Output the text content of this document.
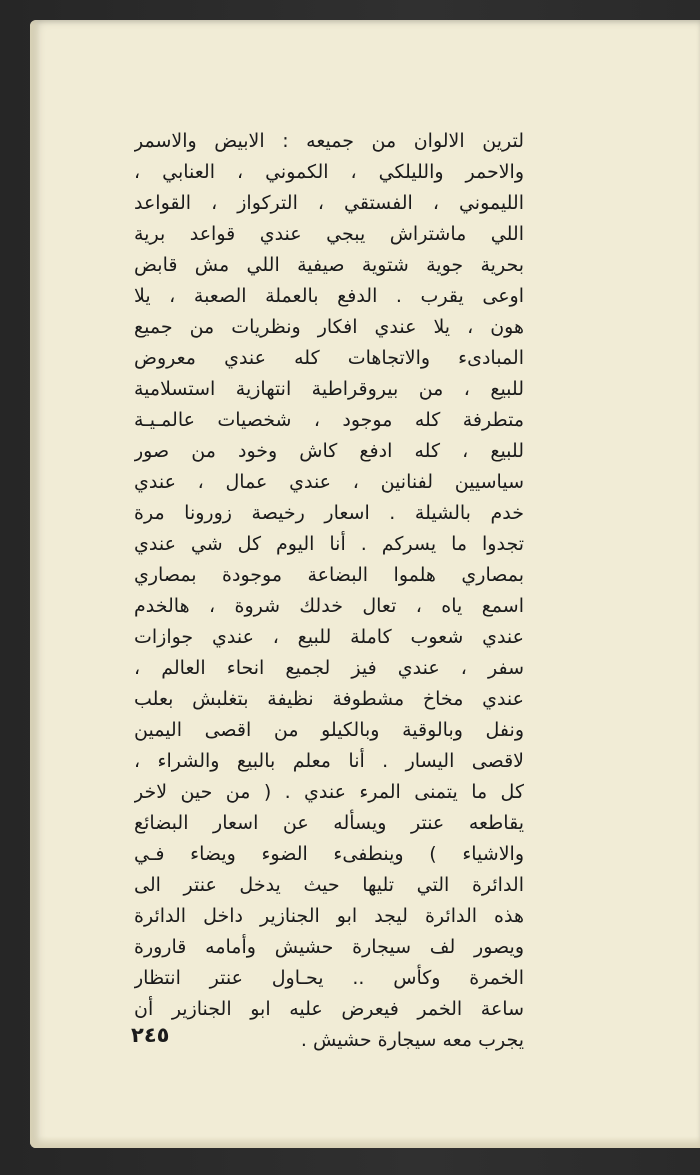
لترين الالوان من جميعه : الابيض والاسمر
والاحمر والليلكي ، الكموني ، العنابي ،
الليموني ، الفستقي ، التركواز ، القواعد
اللي ماشتراش يبجي عندي قواعد برية
بحرية جوية شتوية صيفية اللي مش قابض
اوعى يقرب . الدفع بالعملة الصعبة ، يلا
هون ، يلا عندي افكار ونظريات من جميع
المبادىء والاتجاهات كله عندي معروض
للبيع ، من بيروقراطية انتهازية استسلامية
متطرفة كله موجود ، شخصيات عالمـيـة
للبيع ، كله ادفع كاش وخود من صور
سياسيين لفنانين ، عندي عمال ، عندي
خدم بالشيلة . اسعار رخيصة زورونا مرة
تجدوا ما يسركم . أنا اليوم كل شي عندي
بمصاري هلموا البضاعة موجودة بمصاري
اسمع ياه ، تعال خدلك شروة ، هالخدم
عندي شعوب كاملة للبيع ، عندي جوازات
سفر ، عندي فيز لجميع انحاء العالم ،
عندي مخاخ مشطوفة نظيفة بتغلبش بعلب
ونفل وبالوقية وبالكيلو من اقصى اليمين
لاقصى اليسار . أنا معلم بالبيع والشراء ،
كل ما يتمنى المرء عندي . ( من حين لاخر
يقاطعه عنتر ويسأله عن اسعار البضائع
والاشياء ) وينطفىء الضوء ويضاء فـي
الدائرة التي تليها حيث يدخل عنتر الى
هذه الدائرة ليجد ابو الجنازير داخل الدائرة
ويصور لف سيجارة حشيش وأمامه قارورة
الخمرة وكأس .. يحـاول عنتر انتظار
ساعة الخمر فيعرض عليه ابو الجنازير أن
يجرب معه سيجارة حشيش .
٢٤٥
